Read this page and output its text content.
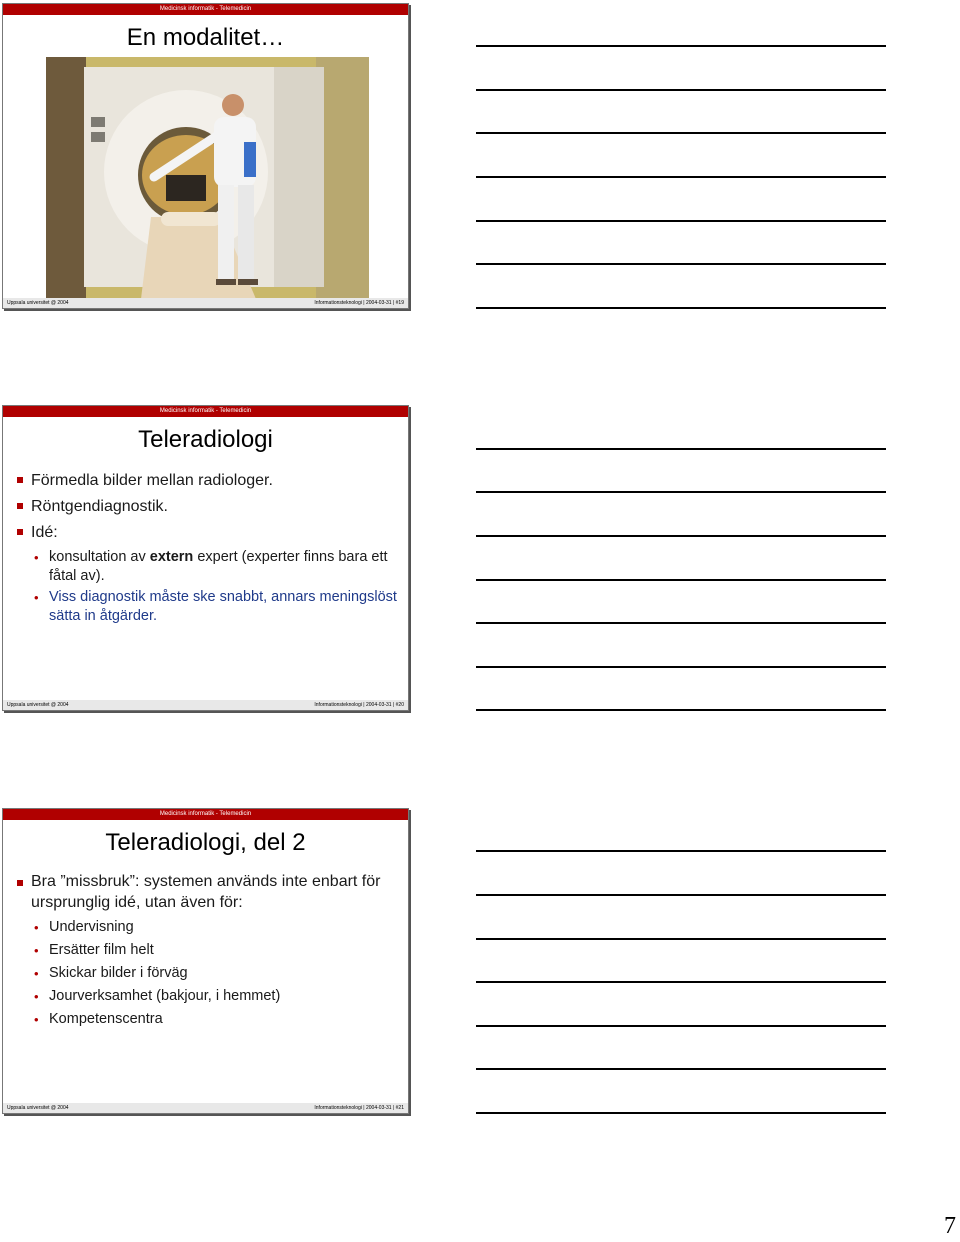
Medicinsk informatik - Telemedicin
En modalitet…
Uppsala universitet @ 2004	Informationsteknologi | 2004-03-31 | #19
Medicinsk informatik - Telemedicin
Teleradiologi
Förmedla bilder mellan radiologer.
Röntgendiagnostik.
Idé:
• konsultation av extern expert (experter finns bara ett fåtal av).
• Viss diagnostik måste ske snabbt, annars meningslöst sätta in åtgärder.
Uppsala universitet @ 2004	Informationsteknologi | 2004-03-31 | #20
Medicinsk informatik - Telemedicin
Teleradiologi, del 2
Bra ”missbruk”: systemen används inte enbart för ursprunglig idé, utan även för:
• Undervisning
• Ersätter film helt
• Skickar bilder i förväg
• Jourverksamhet (bakjour, i hemmet)
• Kompetenscentra
Uppsala universitet @ 2004	Informationsteknologi | 2004-03-31 | #21
7
